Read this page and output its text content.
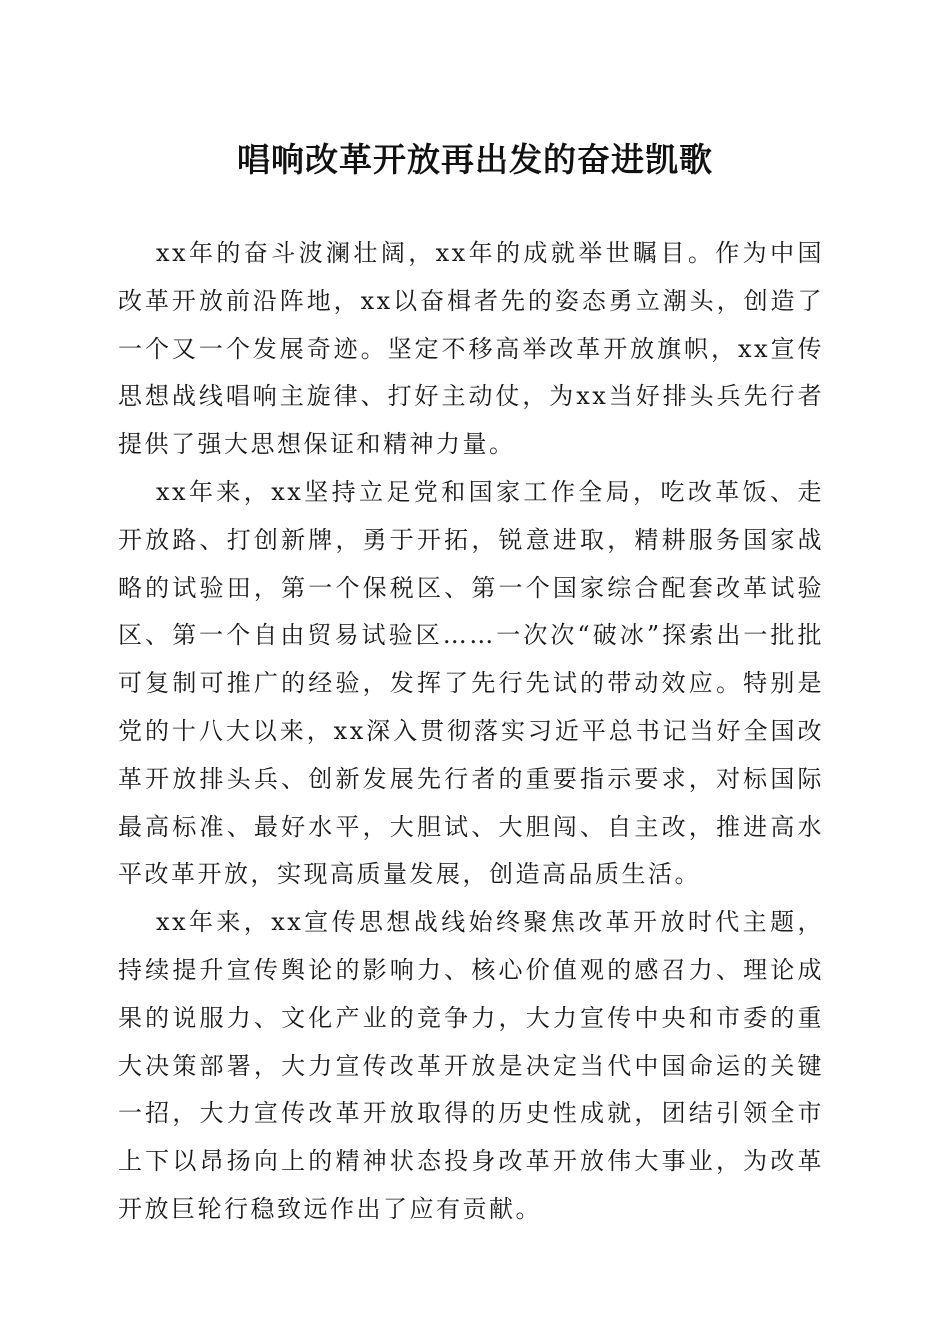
唱响改革开放再出发的奋进凯歌

xx年的奋斗波澜壮阔，xx年的成就举世瞩目。作为中国改革开放前沿阵地，xx以奋楫者先的姿态勇立潮头，创造了一个又一个发展奇迹。坚定不移高举改革开放旗帜，xx宣传思想战线唱响主旋律、打好主动仗，为xx当好排头兵先行者提供了强大思想保证和精神力量。

xx年来，xx坚持立足党和国家工作全局，吃改革饭、走开放路、打创新牌，勇于开拓，锐意进取，精耕服务国家战略的试验田，第一个保税区、第一个国家综合配套改革试验区、第一个自由贸易试验区……一次次“破冰”探索出一批批可复制可推广的经验，发挥了先行先试的带动效应。特别是党的十八大以来，xx深入贯彻落实习近平总书记当好全国改革开放排头兵、创新发展先行者的重要指示要求，对标国际最高标准、最好水平，大胆试、大胆闯、自主改，推进高水平改革开放，实现高质量发展，创造高品质生活。

xx年来，xx宣传思想战线始终聚焦改革开放时代主题，持续提升宣传舆论的影响力、核心价值观的感召力、理论成果的说服力、文化产业的竞争力，大力宣传中央和市委的重大决策部署，大力宣传改革开放是决定当代中国命运的关键一招，大力宣传改革开放取得的历史性成就，团结引领全市上下以昂扬向上的精神状态投身改革开放伟大事业，为改革开放巨轮行稳致远作出了应有贡献。
